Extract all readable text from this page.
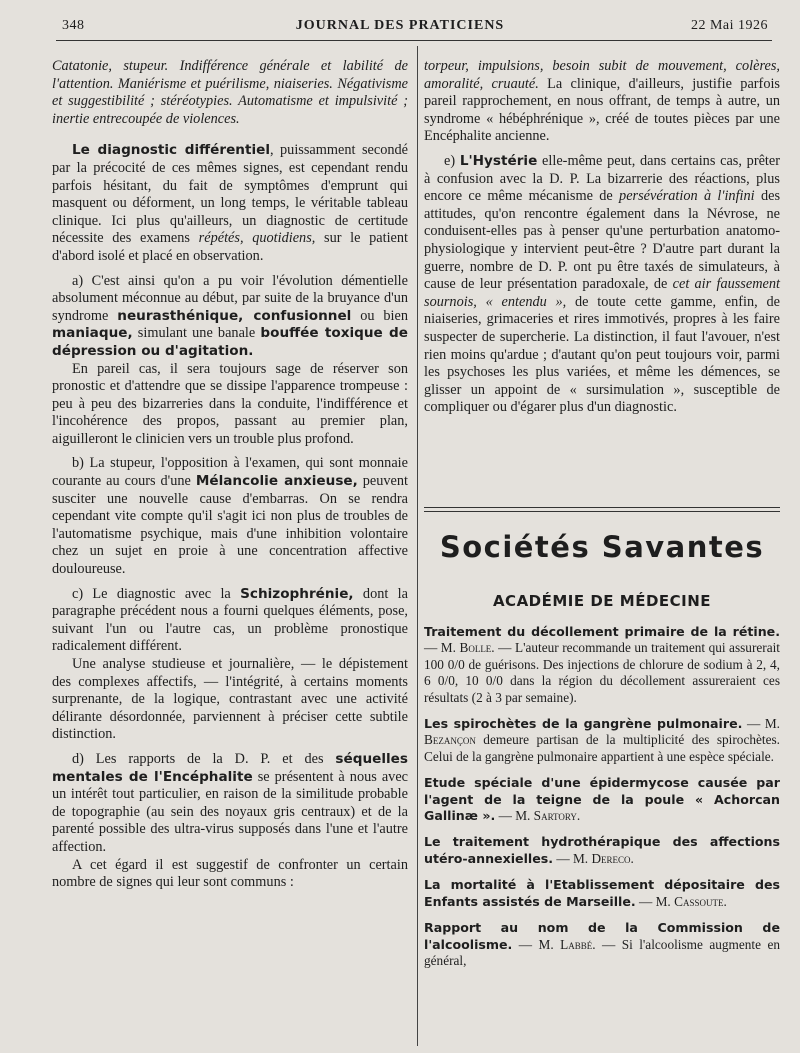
348	JOURNAL DES PRATICIENS	22 Mai 1926

Catatonie, stupeur. Indifférence générale et labilité de l'attention. Maniérisme et puérilisme, niaiseries. Négativisme et suggestibilité ; stéréotypies. Automatisme et impulsivité ; inertie entrecoupée de violences.

Le diagnostic différentiel, puissamment secondé par la précocité de ces mêmes signes, est cependant rendu parfois hésitant, du fait de symptômes d'emprunt qui masquent ou déforment, un long temps, le véritable tableau clinique. Ici plus qu'ailleurs, un diagnostic de certitude nécessite des examens répétés, quotidiens, sur le patient d'abord isolé et placé en observation.

a) C'est ainsi qu'on a pu voir l'évolution démentielle absolument méconnue au début, par suite de la bruyance d'un syndrome neurasthénique, confusionnel ou bien maniaque, simulant une banale bouffée toxique de dépression ou d'agitation.

En pareil cas, il sera toujours sage de réserver son pronostic et d'attendre que se dissipe l'apparence trompeuse : peu à peu des bizarreries dans la conduite, l'indifférence et l'incohérence des propos, passant au premier plan, aiguilleront le clinicien vers un trouble plus profond.

b) La stupeur, l'opposition à l'examen, qui sont monnaie courante au cours d'une Mélancolie anxieuse, peuvent susciter une nouvelle cause d'embarras. On se rendra cependant vite compte qu'il s'agit ici non plus de troubles de l'automatisme psychique, mais d'une inhibition volontaire chez un sujet en proie à une concentration affective douloureuse.

c) Le diagnostic avec la Schizophrénie, dont la paragraphe précédent nous a fourni quelques éléments, pose, suivant l'un ou l'autre cas, un problème pronostique radicalement différent.

Une analyse studieuse et journalière, — le dépistement des complexes affectifs, — l'intégrité, à certains moments surprenante, de la logique, contrastant avec une activité délirante désordonnée, parviennent à préciser cette subtile distinction.

d) Les rapports de la D. P. et des séquelles mentales de l'Encéphalite se présentent à nous avec un intérêt tout particulier, en raison de la similitude probable de topographie (au sein des noyaux gris centraux) et de la parenté possible des ultra-virus supposés dans l'une et l'autre affection.

A cet égard il est suggestif de confronter un certain nombre de signes qui leur sont communs :

torpeur, impulsions, besoin subit de mouvement, colères, amoralité, cruauté. La clinique, d'ailleurs, justifie parfois pareil rapprochement, en nous offrant, de temps à autre, un syndrome « hébéphrénique », créé de toutes pièces par une Encéphalite ancienne.

e) L'Hystérie elle-même peut, dans certains cas, prêter à confusion avec la D. P. La bizarrerie des réactions, plus encore ce même mécanisme de persévération à l'infini des attitudes, qu'on rencontre également dans la Névrose, ne conduisent-elles pas à penser qu'une perturbation anatomo-physiologique y intervient peut-être ? D'autre part durant la guerre, nombre de D. P. ont pu être taxés de simulateurs, à cause de leur présentation paradoxale, de cet air faussement sournois, « entendu », de toute cette gamme, enfin, de niaiseries, grimaceries et rires immotivés, propres à les faire suspecter de supercherie. La distinction, il faut l'avouer, n'est rien moins qu'ardue ; d'autant qu'on peut toujours voir, parmi les psychoses les plus variées, et même les démences, se glisser un appoint de « sursimulation », susceptible de compliquer ou d'égarer plus d'un diagnostic.

Sociétés Savantes
ACADÉMIE DE MÉDECINE
Traitement du décollement primaire de la rétine. — M. Bolle. — L'auteur recommande un traitement qui assurerait 100 0/0 de guérisons. Des injections de chlorure de sodium à 2, 4, 6 0/0, 10 0/0 dans la région du décollement assureraient ces résultats (2 à 3 par semaine).
Les spirochètes de la gangrène pulmonaire. — M. Bezançon demeure partisan de la multiplicité des spirochètes. Celui de la gangrène pulmonaire appartient à une espèce spéciale.
Etude spéciale d'une épidermycose causée par l'agent de la teigne de la poule « Achorcan Gallinæ ». — M. Sartory.
Le traitement hydrothérapique des affections utéro-annexielles. — M. Dereco.
La mortalité à l'Etablissement dépositaire des Enfants assistés de Marseille. — M. Cassoute.
Rapport au nom de la Commission de l'alcoolisme. — M. Labbé. — Si l'alcoolisme augmente en général,
